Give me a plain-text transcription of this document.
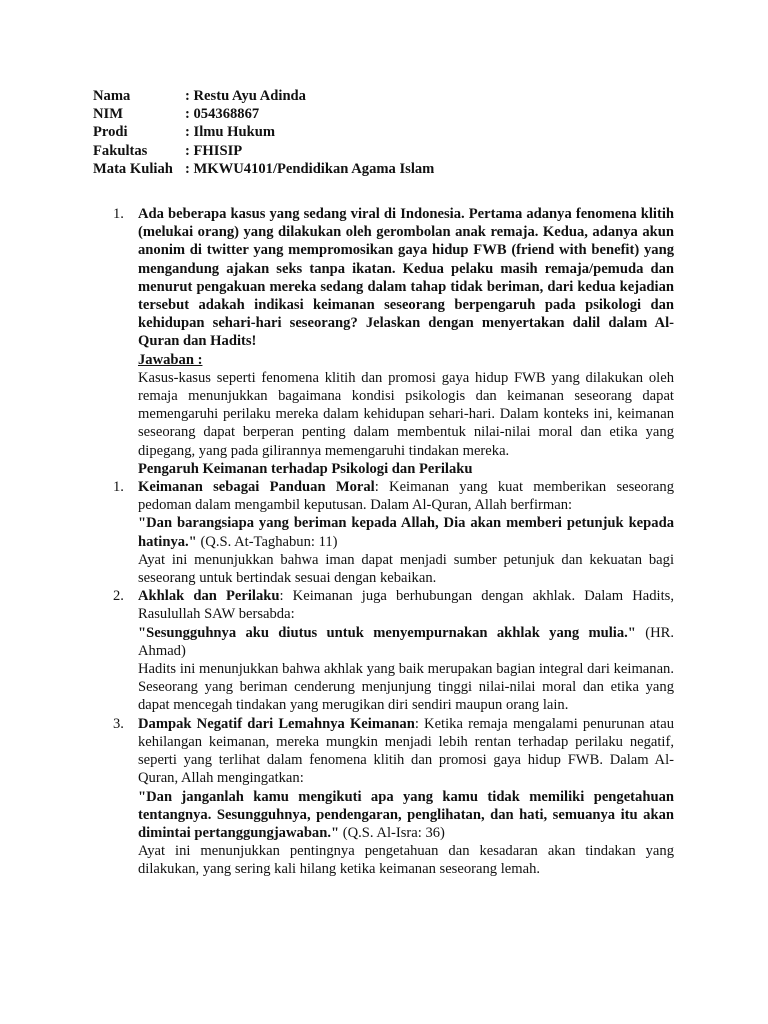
Nama	: Restu Ayu Adinda
NIM	: 054368867
Prodi	: Ilmu Hukum
Fakultas	: FHISIP
Mata Kuliah : MKWU4101/Pendidikan Agama Islam
1. Ada beberapa kasus yang sedang viral di Indonesia. Pertama adanya fenomena klitih (melukai orang) yang dilakukan oleh gerombolan anak remaja. Kedua, adanya akun anonim di twitter yang mempromosikan gaya hidup FWB (friend with benefit) yang mengandung ajakan seks tanpa ikatan. Kedua pelaku masih remaja/pemuda dan menurut pengakuan mereka sedang dalam tahap tidak beriman, dari kedua kejadian tersebut adakah indikasi keimanan seseorang berpengaruh pada psikologi dan kehidupan sehari-hari seseorang? Jelaskan dengan menyertakan dalil dalam Al-Quran dan Hadits!

Jawaban :

Kasus-kasus seperti fenomena klitih dan promosi gaya hidup FWB yang dilakukan oleh remaja menunjukkan bagaimana kondisi psikologis dan keimanan seseorang dapat memengaruhi perilaku mereka dalam kehidupan sehari-hari. Dalam konteks ini, keimanan seseorang dapat berperan penting dalam membentuk nilai-nilai moral dan etika yang dipegang, yang pada gilirannya memengaruhi tindakan mereka.

Pengaruh Keimanan terhadap Psikologi dan Perilaku

1. Keimanan sebagai Panduan Moral: Keimanan yang kuat memberikan seseorang pedoman dalam mengambil keputusan. Dalam Al-Quran, Allah berfirman:

"Dan barangsiapa yang beriman kepada Allah, Dia akan memberi petunjuk kepada hatinya." (Q.S. At-Taghabun: 11)

Ayat ini menunjukkan bahwa iman dapat menjadi sumber petunjuk dan kekuatan bagi seseorang untuk bertindak sesuai dengan kebaikan.

2. Akhlak dan Perilaku: Keimanan juga berhubungan dengan akhlak. Dalam Hadits, Rasulullah SAW bersabda:

"Sesungguhnya aku diutus untuk menyempurnakan akhlak yang mulia." (HR. Ahmad)

Hadits ini menunjukkan bahwa akhlak yang baik merupakan bagian integral dari keimanan. Seseorang yang beriman cenderung menjunjung tinggi nilai-nilai moral dan etika yang dapat mencegah tindakan yang merugikan diri sendiri maupun orang lain.

3. Dampak Negatif dari Lemahnya Keimanan: Ketika remaja mengalami penurunan atau kehilangan keimanan, mereka mungkin menjadi lebih rentan terhadap perilaku negatif, seperti yang terlihat dalam fenomena klitih dan promosi gaya hidup FWB. Dalam Al-Quran, Allah mengingatkan:

"Dan janganlah kamu mengikuti apa yang kamu tidak memiliki pengetahuan tentangnya. Sesungguhnya, pendengaran, penglihatan, dan hati, semuanya itu akan dimintai pertanggungjawaban." (Q.S. Al-Isra: 36)

Ayat ini menunjukkan pentingnya pengetahuan dan kesadaran akan tindakan yang dilakukan, yang sering kali hilang ketika keimanan seseorang lemah.
